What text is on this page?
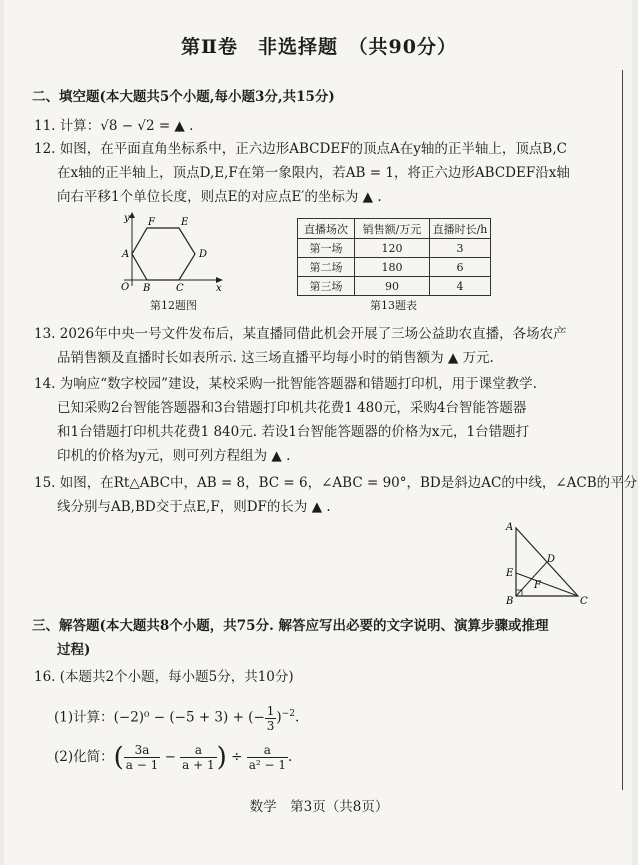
第Ⅱ卷　非选择题　（共90分）
二、填空题(本大题共5个小题,每小题3分,共15分)
11. 计算：√8 − √2 = ▲ .
12. 如图，在平面直角坐标系中，正六边形ABCDEF的顶点A在y轴的正半轴上，顶点B,C
在x轴的正半轴上，顶点D,E,F在第一象限内，若AB = 1，将正六边形ABCDEF沿x轴
向右平移1个单位长度，则点E的对应点E′的坐标为 ▲ .
y
x
O
A
B	C
D
E
F
第12题图
直播场次	销售额/万元	直播时长/h
第一场	120	3
第二场	180	6
第三场	90	4
第13题表
13. 2026年中央一号文件发布后，某直播同借此机会开展了三场公益助农直播，各场农产
品销售额及直播时长如表所示. 这三场直播平均每小时的销售额为 ▲ 万元.
14. 为响应“数字校园”建设，某校采购一批智能答题器和错题打印机，用于课堂教学.
已知采购2台智能答题器和3台错题打印机共花费1 480元，采购4台智能答题器
和1台错题打印机共花费1 840元. 若设1台智能答题器的价格为x元，1台错题打
印机的价格为y元，则可列方程组为 ▲ .
15. 如图，在Rt△ABC中，AB = 8，BC = 6，∠ABC = 90°，BD是斜边AC的中线，∠ACB的平分
线分别与AB,BD交于点E,F，则DF的长为 ▲ .
A
B	C
D
E
F
三、解答题(本大题共8个小题，共75分. 解答应写出必要的文字说明、演算步骤或推理
过程)
16. (本题共2个小题，每小题5分，共10分)
(1)计算：(−2)⁰ − (−5 + 3) + (− $\frac{1}{3} )^{-2}$.
(2)化简：( $\frac{3a}{a - 1} - \frac{a}{a + 1}$ ) ÷ $\frac{a}{\text{a² − 1}}$ .
数学　第3页（共8页）
